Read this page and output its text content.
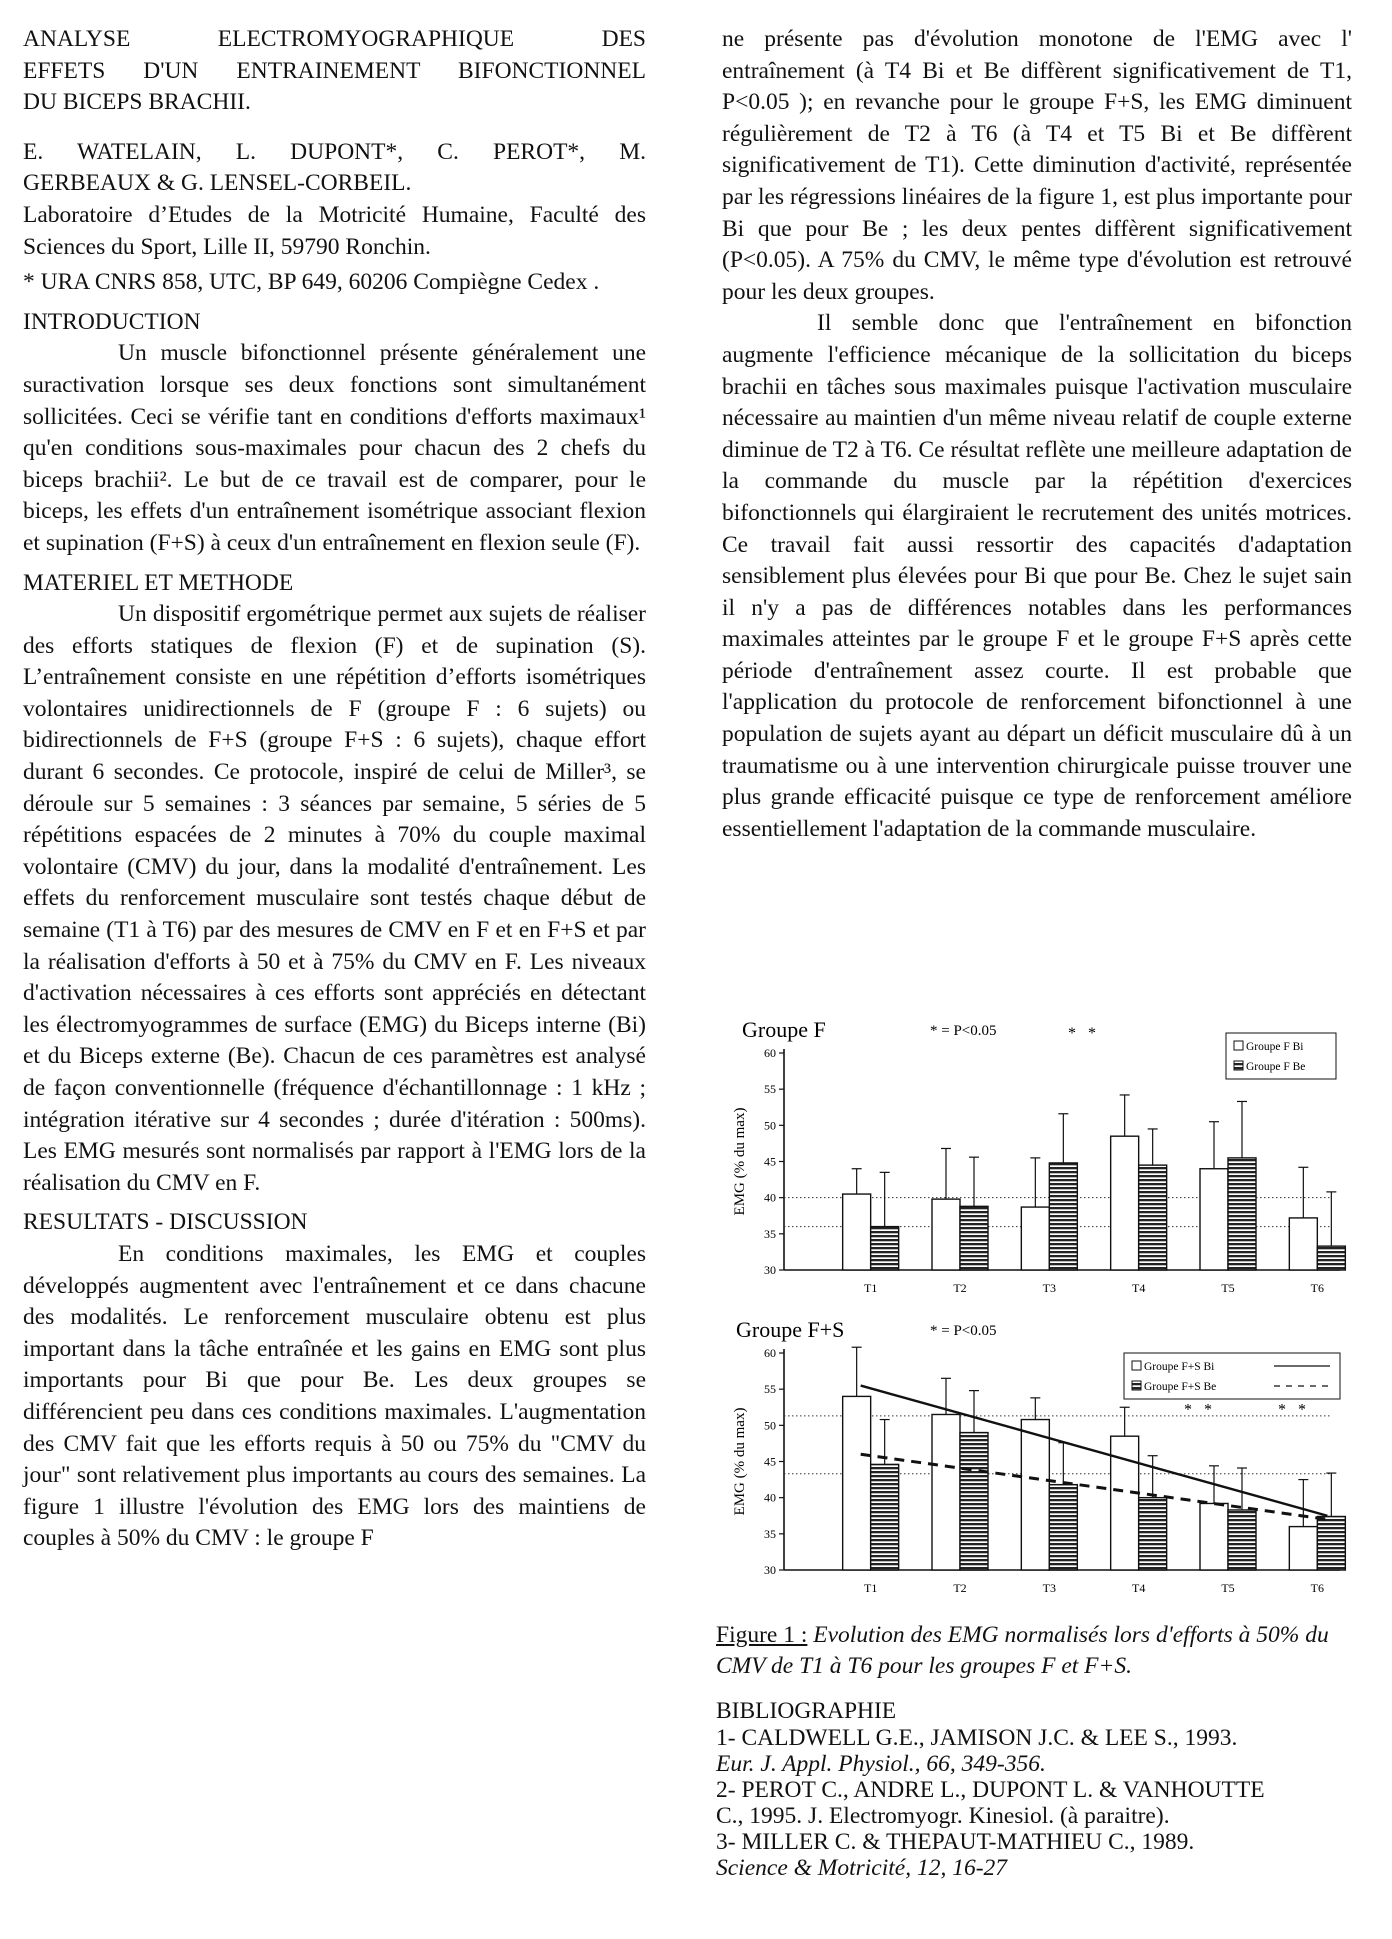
ANALYSE ELECTROMYOGRAPHIQUE DES
EFFETS D'UN ENTRAINEMENT BIFONCTIONNEL
DU BICEPS BRACHII.
E. WATELAIN, L. DUPONT*, C. PEROT*, M.
GERBEAUX & G. LENSEL-CORBEIL.
Laboratoire d’Etudes de la Motricité Humaine, Faculté des Sciences du Sport, Lille II, 59790 Ronchin.
* URA CNRS 858, UTC, BP 649, 60206 Compiègne Cedex .
INTRODUCTION
Un muscle bifonctionnel présente généralement une suractivation lorsque ses deux fonctions sont simultanément sollicitées. Ceci se vérifie tant en conditions d'efforts maximaux¹ qu'en conditions sous-maximales pour chacun des 2 chefs du biceps brachii². Le but de ce travail est de comparer, pour le biceps, les effets d'un entraînement isométrique associant flexion et supination (F+S) à ceux d'un entraînement en flexion seule (F).
MATERIEL ET METHODE
Un dispositif ergométrique permet aux sujets de réaliser des efforts statiques de flexion (F) et de supination (S). L’entraînement consiste en une répétition d’efforts isométriques volontaires unidirectionnels de F (groupe F : 6 sujets) ou bidirectionnels de F+S (groupe F+S : 6 sujets), chaque effort durant 6 secondes. Ce protocole, inspiré de celui de Miller³, se déroule sur 5 semaines : 3 séances par semaine, 5 séries de 5 répétitions espacées de 2 minutes à 70% du couple maximal volontaire (CMV) du jour, dans la modalité d'entraînement. Les effets du renforcement musculaire sont testés chaque début de semaine (T1 à T6) par des mesures de CMV en F et en F+S et par la réalisation d'efforts à 50 et à 75% du CMV en F. Les niveaux d'activation nécessaires à ces efforts sont appréciés en détectant les électromyogrammes de surface (EMG) du Biceps interne (Bi) et du Biceps externe (Be). Chacun de ces paramètres est analysé de façon conventionnelle (fréquence d'échantillonnage : 1 kHz ; intégration itérative sur 4 secondes ; durée d'itération : 500ms). Les EMG mesurés sont normalisés par rapport à l'EMG lors de la réalisation du CMV en F.
RESULTATS - DISCUSSION
En conditions maximales, les EMG et couples développés augmentent avec l'entraînement et ce dans chacune des modalités. Le renforcement musculaire obtenu est plus important dans la tâche entraînée et les gains en EMG sont plus importants pour Bi que pour Be. Les deux groupes se différencient peu dans ces conditions maximales. L'augmentation des CMV fait que les efforts requis à 50 ou 75% du "CMV du jour" sont relativement plus importants au cours des semaines. La figure 1 illustre l'évolution des EMG lors des maintiens de couples à 50% du CMV : le groupe F
ne présente pas d'évolution monotone de l'EMG avec l' entraînement (à T4 Bi et Be diffèrent significativement de T1, P<0.05 ); en revanche pour le groupe F+S, les EMG diminuent régulièrement de T2 à T6 (à T4 et T5 Bi et Be diffèrent significativement de T1). Cette diminution d'activité, représentée par les régressions linéaires de la figure 1, est plus importante pour Bi que pour Be ; les deux pentes diffèrent significativement (P<0.05). A 75% du CMV, le même type d'évolution est retrouvé pour les deux groupes.
Il semble donc que l'entraînement en bifonction augmente l'efficience mécanique de la sollicitation du biceps brachii en tâches sous maximales puisque l'activation musculaire nécessaire au maintien d'un même niveau relatif de couple externe diminue de T2 à T6. Ce résultat reflète une meilleure adaptation de la commande du muscle par la répétition d'exercices bifonctionnels qui élargiraient le recrutement des unités motrices. Ce travail fait aussi ressortir des capacités d'adaptation sensiblement plus élevées pour Bi que pour Be. Chez le sujet sain il n'y a pas de différences notables dans les performances maximales atteintes par le groupe F et le groupe F+S après cette période d'entraînement assez courte. Il est probable que l'application du protocole de renforcement bifonctionnel à une population de sujets ayant au départ un déficit musculaire dû à un traumatisme ou à une intervention chirurgicale puisse trouver une plus grande efficacité puisque ce type de renforcement améliore essentiellement l'adaptation de la commande musculaire.
Groupe F	* = P<0.05
30
35
40
45
50
55
60
EMG (% du max)
T1	T2	T3	T4	T5	T6
* *
Groupe F Bi
Groupe F Be
Groupe F+S	* = P<0.05
30
35
40
45
50
55
60
EMG (% du max)
T1	T2	T3	T4	T5	T6
* *	* *
Groupe F+S Bi
Groupe F+S Be
Figure 1 : Evolution des EMG normalisés lors d'efforts à 50% du CMV de T1 à T6 pour les groupes F et F+S.
BIBLIOGRAPHIE
1- CALDWELL G.E., JAMISON J.C. & LEE S., 1993.
Eur. J. Appl. Physiol., 66, 349-356.
2- PEROT C., ANDRE L., DUPONT L. & VANHOUTTE
C., 1995. J. Electromyogr. Kinesiol. (à paraitre).
3- MILLER C. & THEPAUT-MATHIEU C., 1989.
Science & Motricité, 12, 16-27
